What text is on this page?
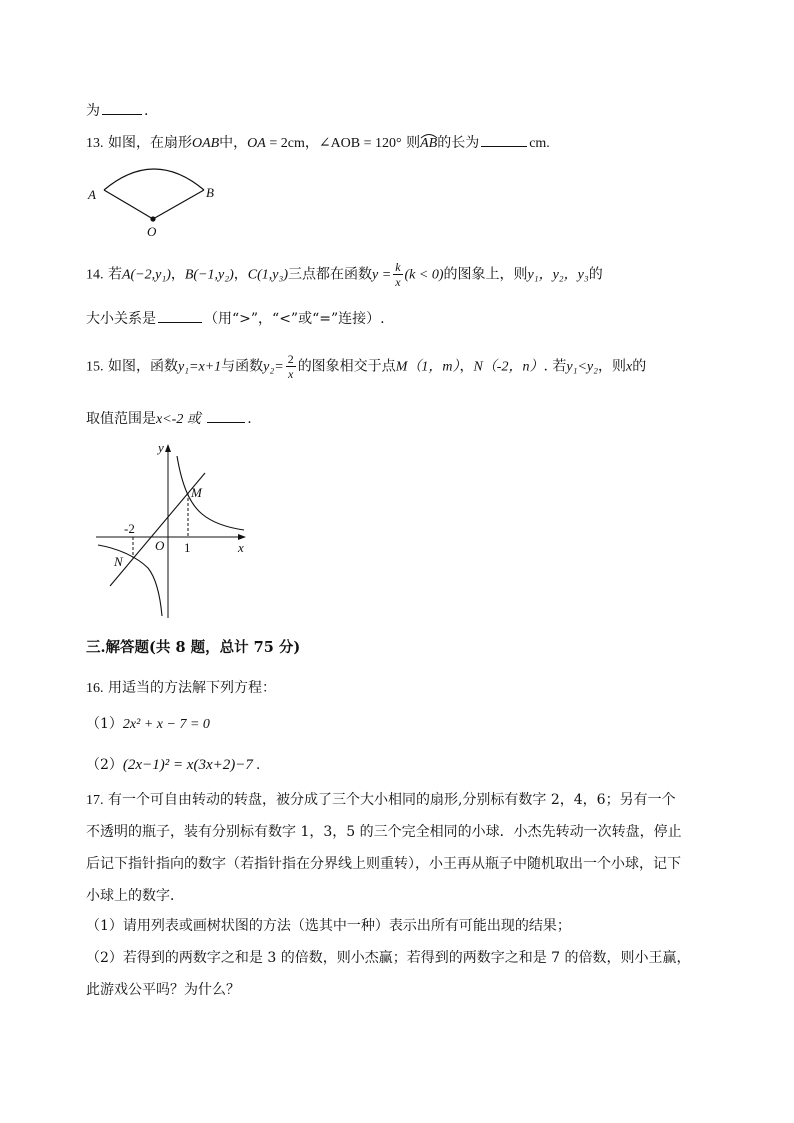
为	.
13. 如图，在扇形OAB中，OA = 2cm，∠AOB = 120° 则AB
的长为	cm.
A	B
O
14. 若A(−2,y₁)，B(−1,y₂)，C(1,y₃)三点都在函数$y = \frac{k}{x} (k < 0)$的图象上，则y₁，y₂，y₃的
大小关系是	（用“>”，“<”或“=”连接）.
15. 如图，函数y₁=x+1与函数$y_2= \frac{2}{x}$ 的图象相交于点M（1，m），N（-2，n）. 若y₁<y₂，则x的
取值范围是x<-2 或	.
y
x
O
M
N
-2
1
三.解答题(共 8 题，总计 75 分)
16. 用适当的方法解下列方程：
（1）2x² + x − 7 = 0
（2）(2x−1)² = x(3x+2)−7 .
17. 有一个可自由转动的转盘，被分成了三个大小相同的扇形,分别标有数字 2，4，6；另有一个
不透明的瓶子，装有分别标有数字 1，3，5 的三个完全相同的小球．小杰先转动一次转盘，停止
后记下指针指向的数字（若指针指在分界线上则重转），小王再从瓶子中随机取出一个小球，记下
小球上的数字．
（1）请用列表或画树状图的方法（选其中一种）表示出所有可能出现的结果；
（2）若得到的两数字之和是 3 的倍数，则小杰赢；若得到的两数字之和是 7 的倍数，则小王赢，
此游戏公平吗？为什么？
